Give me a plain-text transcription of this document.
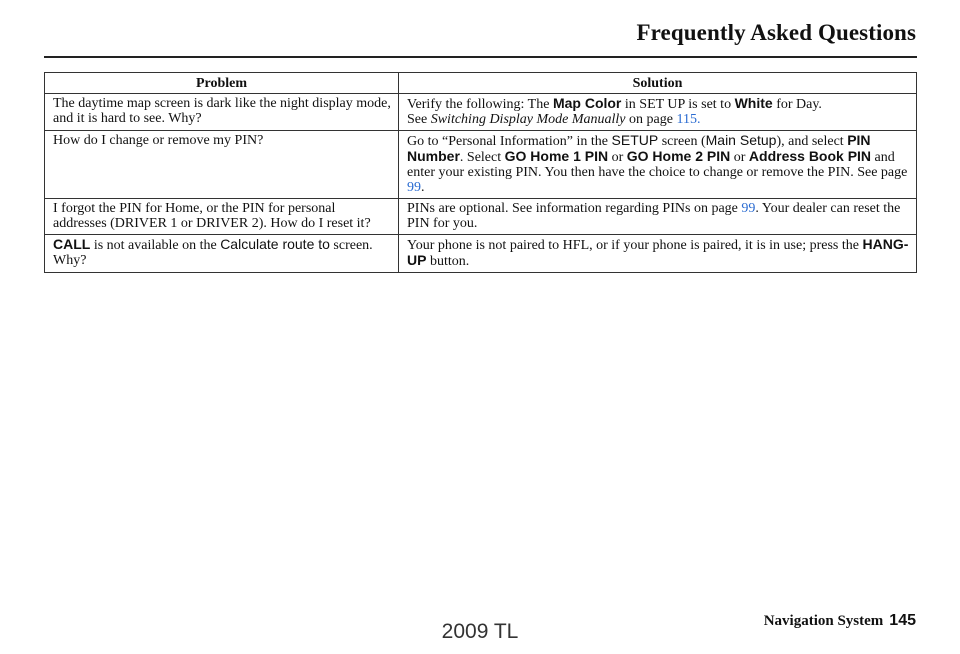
Frequently Asked Questions
Problem	Solution
The daytime map screen is dark like the night display mode, and it is hard to see. Why?	Verify the following: The Map Color in SET UP is set to White for Day.
See Switching Display Mode Manually on page 115.
How do I change or remove my PIN?	Go to “Personal Information” in the SETUP screen (Main Setup), and select PIN Number. Select GO Home 1 PIN or GO Home 2 PIN or Address Book PIN and enter your existing PIN. You then have the choice to change or remove the PIN. See page 99.
I forgot the PIN for Home, or the PIN for personal addresses (DRIVER 1 or DRIVER 2). How do I reset it?	PINs are optional. See information regarding PINs on page 99. Your dealer can reset the PIN for you.
CALL is not available on the Calculate route to screen. Why?	Your phone is not paired to HFL, or if your phone is paired, it is in use; press the HANG-UP button.
Navigation System 145
2009 TL
